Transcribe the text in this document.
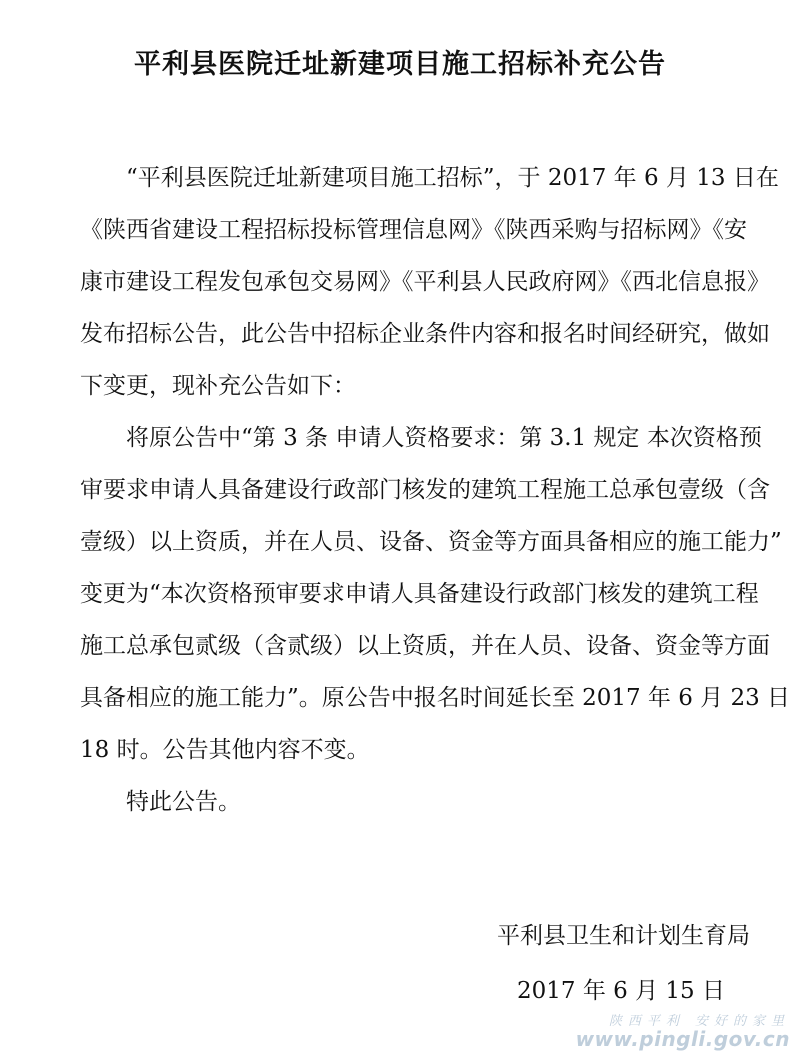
平利县医院迁址新建项目施工招标补充公告
“平利县医院迁址新建项目施工招标”，于 2017 年 6 月 13 日在
《陕西省建设工程招标投标管理信息网》《陕西采购与招标网》《安
康市建设工程发包承包交易网》《平利县人民政府网》《西北信息报》
发布招标公告，此公告中招标企业条件内容和报名时间经研究，做如
下变更，现补充公告如下：
将原公告中“第 3 条 申请人资格要求：第 3.1 规定 本次资格预
审要求申请人具备建设行政部门核发的建筑工程施工总承包壹级（含
壹级）以上资质，并在人员、设备、资金等方面具备相应的施工能力”
变更为“本次资格预审要求申请人具备建设行政部门核发的建筑工程
施工总承包贰级（含贰级）以上资质，并在人员、设备、资金等方面
具备相应的施工能力”。原公告中报名时间延长至 2017 年 6 月 23 日
18 时。公告其他内容不变。
特此公告。
平利县卫生和计划生育局
2017 年 6 月 15 日
陕西平利 安好的家里
www.pingli.gov.cn
